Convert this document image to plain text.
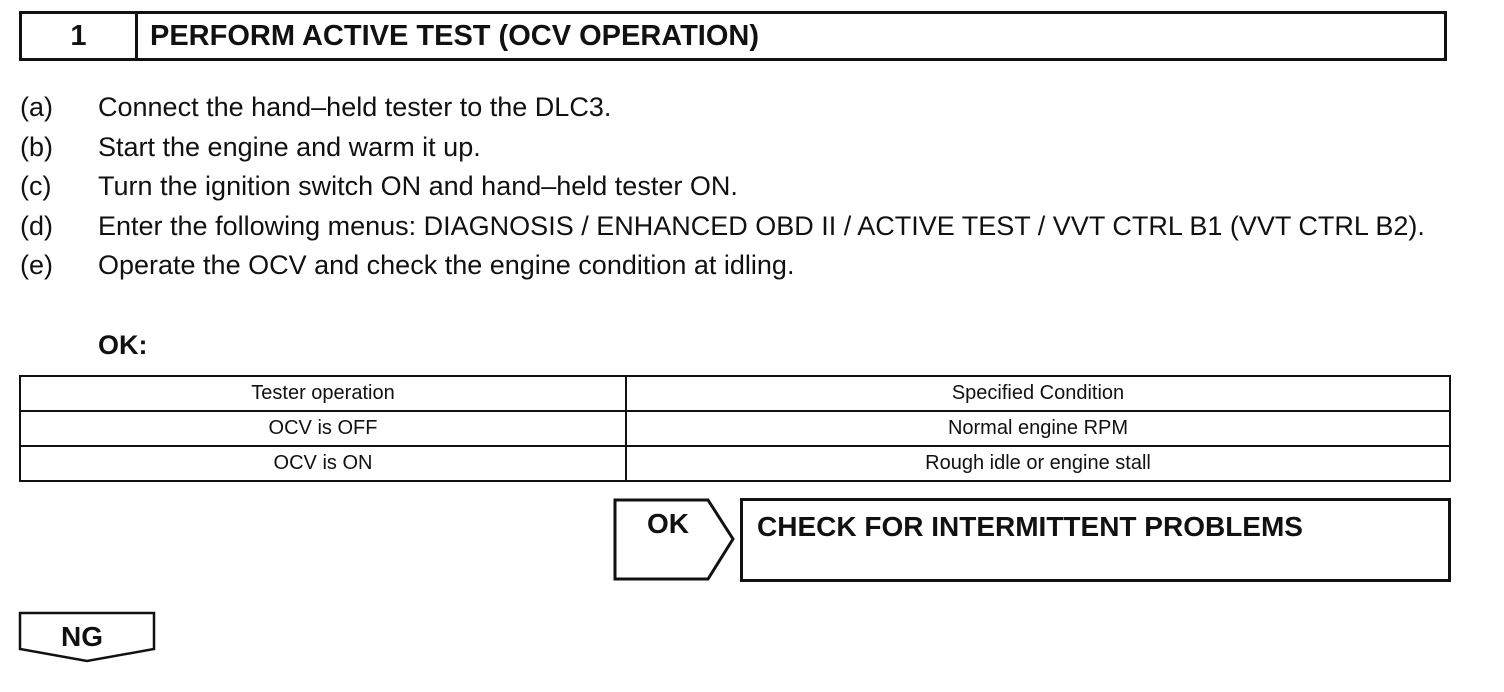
1	PERFORM ACTIVE TEST (OCV OPERATION)
(a)	Connect the hand–held tester to the DLC3.
(b)	Start the engine and warm it up.
(c)	Turn the ignition switch ON and hand–held tester ON.
(d)	Enter the following menus: DIAGNOSIS / ENHANCED OBD II / ACTIVE TEST / VVT CTRL B1 (VVT CTRL B2).
(e)	Operate the OCV and check the engine condition at idling.
OK:
Tester operation	Specified Condition
OCV is OFF	Normal engine RPM
OCV is ON	Rough idle or engine stall
OK CHECK FOR INTERMITTENT PROBLEMS
NG
